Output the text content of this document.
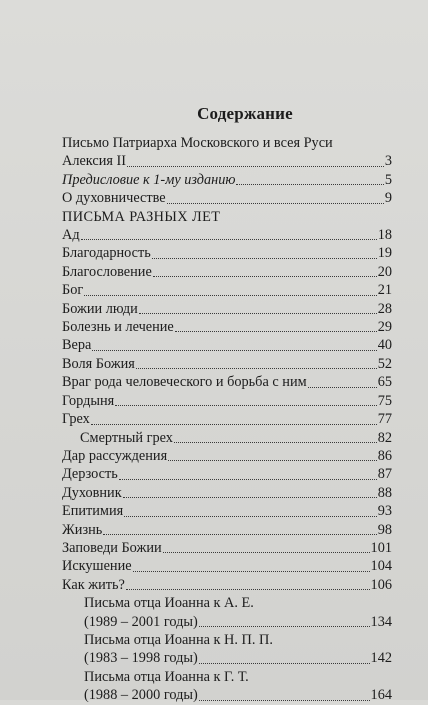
Содержание
Письмо Патриарха Московского и всея Руси
Алексия II	3
Предисловие к 1-му изданию	5
О духовничестве	9
ПИСЬМА РАЗНЫХ ЛЕТ
Ад	18
Благодарность	19
Благословение	20
Бог	21
Божии люди	28
Болезнь и лечение	29
Вера	40
Воля Божия	52
Враг рода человеческого и борьба с ним	65
Гордыня	75
Грех	77
Смертный грех	82
Дар рассуждения	86
Дерзость	87
Духовник	88
Епитимия	93
Жизнь	98
Заповеди Божии	101
Искушение	104
Как жить?	106
Письма отца Иоанна к А. Е.
(1989 – 2001 годы)	134
Письма отца Иоанна к Н. П. П.
(1983 – 1998 годы)	142
Письма отца Иоанна к Г. Т.
(1988 – 2000 годы)	164
